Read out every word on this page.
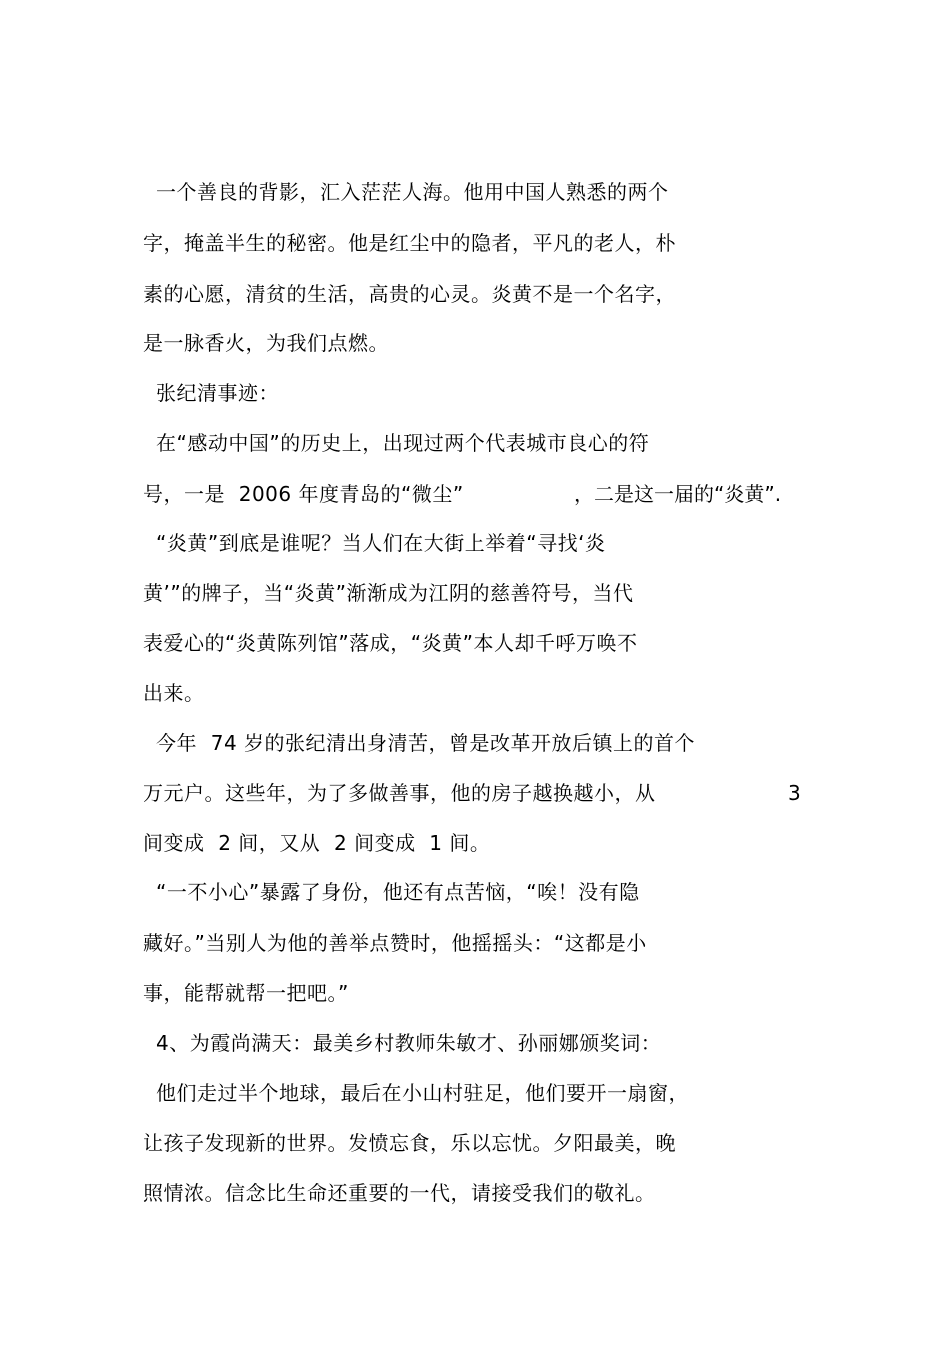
一个善良的背影，汇入茫茫人海。他用中国人熟悉的两个
字，掩盖半生的秘密。他是红尘中的隐者，平凡的老人，朴
素的心愿，清贫的生活，高贵的心灵。炎黄不是一个名字，
是一脉香火，为我们点燃。
张纪清事迹：
在“感动中国”的历史上，出现过两个代表城市良心的符
号，一是  2006 年度青岛的“微尘”	，二是这一届的“炎黄”.
“炎黄”到底是谁呢？当人们在大街上举着“寻找‘炎
黄’”的牌子，当“炎黄”渐渐成为江阴的慈善符号，当代
表爱心的“炎黄陈列馆”落成，“炎黄”本人却千呼万唤不
出来。
今年  74 岁的张纪清出身清苦，曾是改革开放后镇上的首个
万元户。这些年，为了多做善事，他的房子越换越小，从	3
间变成  2 间，又从  2 间变成  1 间。
“一不小心”暴露了身份，他还有点苦恼，“唉！没有隐
藏好。”当别人为他的善举点赞时，他摇摇头：“这都是小
事，能帮就帮一把吧。”
4、为霞尚满天：最美乡村教师朱敏才、孙丽娜颁奖词：
他们走过半个地球，最后在小山村驻足，他们要开一扇窗，
让孩子发现新的世界。发愤忘食，乐以忘忧。夕阳最美，晚
照情浓。信念比生命还重要的一代，请接受我们的敬礼。
